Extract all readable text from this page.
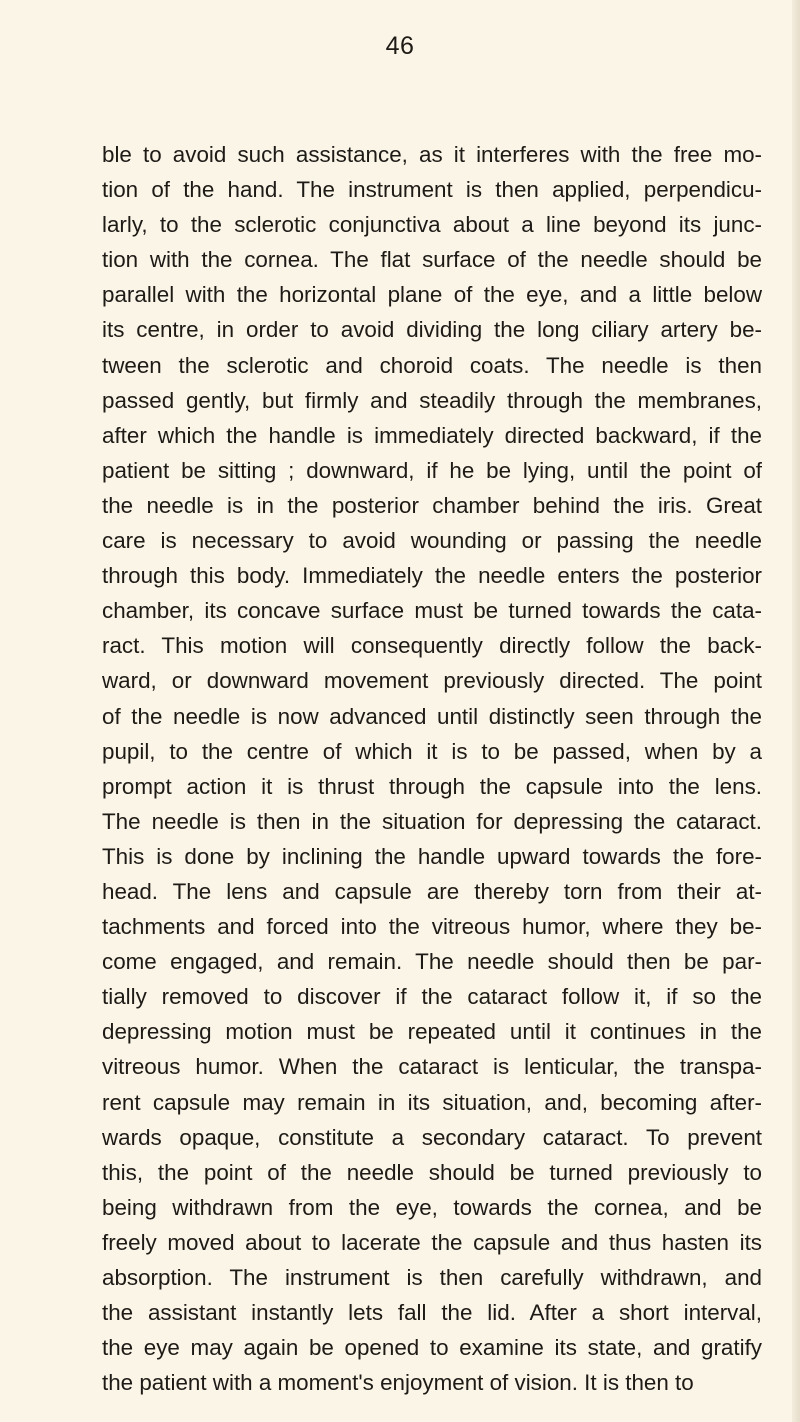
46
ble to avoid such assistance, as it interferes with the free mo-
tion of the hand. The instrument is then applied, perpendicu-
larly, to the sclerotic conjunctiva about a line beyond its junc-
tion with the cornea. The flat surface of the needle should be
parallel with the horizontal plane of the eye, and a little below
its centre, in order to avoid dividing the long ciliary artery be-
tween the sclerotic and choroid coats. The needle is then
passed gently, but firmly and steadily through the membranes,
after which the handle is immediately directed backward, if the
patient be sitting ; downward, if he be lying, until the point of
the needle is in the posterior chamber behind the iris. Great
care is necessary to avoid wounding or passing the needle
through this body. Immediately the needle enters the posterior
chamber, its concave surface must be turned towards the cata-
ract. This motion will consequently directly follow the back-
ward, or downward movement previously directed. The point
of the needle is now advanced until distinctly seen through the
pupil, to the centre of which it is to be passed, when by a
prompt action it is thrust through the capsule into the lens.
The needle is then in the situation for depressing the cataract.
This is done by inclining the handle upward towards the fore-
head. The lens and capsule are thereby torn from their at-
tachments and forced into the vitreous humor, where they be-
come engaged, and remain. The needle should then be par-
tially removed to discover if the cataract follow it, if so the
depressing motion must be repeated until it continues in the
vitreous humor. When the cataract is lenticular, the transpa-
rent capsule may remain in its situation, and, becoming after-
wards opaque, constitute a secondary cataract. To prevent
this, the point of the needle should be turned previously to
being withdrawn from the eye, towards the cornea, and be
freely moved about to lacerate the capsule and thus hasten its
absorption. The instrument is then carefully withdrawn, and
the assistant instantly lets fall the lid. After a short interval,
the eye may again be opened to examine its state, and gratify
the patient with a moment's enjoyment of vision. It is then to
